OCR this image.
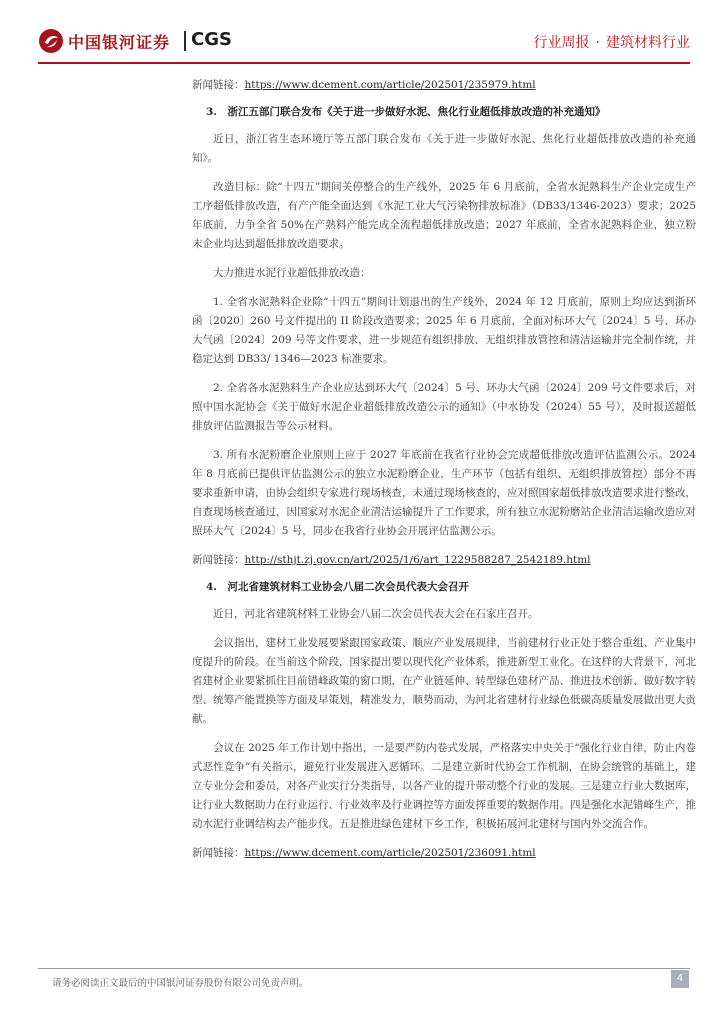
中国银河证券 CGS	行业周报 · 建筑材料行业

新闻链接：https://www.dcement.com/article/202501/235979.html

3.　浙江五部门联合发布《关于进一步做好水泥、焦化行业超低排放改造的补充通知》

近日，浙江省生态环境厅等五部门联合发布《关于进一步做好水泥、焦化行业超低排放改造的补充通知》。

改造目标：除“十四五”期间关停整合的生产线外，2025 年 6 月底前，全省水泥熟料生产企业完成生产工序超低排放改造，有产产能全面达到《水泥工业大气污染物排放标准》（DB33/1346-2023）要求；2025 年底前，力争全省 50%在产熟料产能完成全流程超低排放改造；2027 年底前，全省水泥熟料企业，独立粉末企业均达到超低排放改造要求。

大力推进水泥行业超低排放改造：

1. 全省水泥熟料企业除“十四五”期间计划退出的生产线外，2024 年 12 月底前，原则上均应达到浙环函〔2020〕260 号文件提出的 II 阶段改造要求；2025 年 6 月底前，全面对标环大气〔2024〕5 号、环办大气函〔2024〕209 号等文件要求，进一步规范有组织排放、无组织排放管控和清洁运输并完全制作统，并稳定达到 DB33/ 1346—2023 标准要求。

2. 全省各水泥熟料生产企业应达到环大气〔2024〕5 号、环办大气函〔2024〕209 号文件要求后，对照中国水泥协会《关于做好水泥企业超低排放改造公示的通知》（中水协发（2024）55 号），及时报送超低排放评估监测报告等公示材料。

3. 所有水泥粉磨企业原则上应于 2027 年底前在我省行业协会完成超低排放改造评估监测公示。2024 年 8 月底前已提供评估监测公示的独立水泥粉磨企业，生产环节（包括有组织、无组织排放管控）部分不再要求重新申请，由协会组织专家进行现场核查，未通过现场核查的，应对照国家超低排放改造要求进行整改，自查现场核查通过，因国家对水泥企业清洁运输提升了工作要求，所有独立水泥粉磨站企业清洁运输改造应对照环大气〔2024〕5 号，同步在我省行业协会开展评估监测公示。

新闻链接：http://sthjt.zj.gov.cn/art/2025/1/6/art_1229588287_2542189.html

4.　河北省建筑材料工业协会八届二次会员代表大会召开

近日，河北省建筑材料工业协会八届二次会员代表大会在石家庄召开。

会议指出，建材工业发展要紧跟国家政策、顺应产业发展规律，当前建材行业正处于整合重组、产业集中度提升的阶段。在当前这个阶段，国家提出要以现代化产业体系，推进新型工业化。在这样的大背景下，河北省建材企业要紧抓住目前错峰政策的窗口期，在产业链延伸、转型绿色建材产品、推进技术创新、做好数字转型、统筹产能置换等方面及早策划，精准发力，顺势而动，为河北省建材行业绿色低碳高质量发展做出更大贡献。

会议在 2025 年工作计划中指出，一是要严防内卷式发展，严格落实中央关于“强化行业自律，防止内卷式恶性竞争”有关指示，避免行业发展进入恶循环。二是建立新时代协会工作机制，在协会统管的基础上，建立专业分会和委员，对各产业实行分类指导，以各产业的提升带动整个行业的发展。三是建立行业大数据库，让行业大数据助力在行业运行、行业效率及行业调控等方面发挥重要的数据作用。四是强化水泥错峰生产，推动水泥行业调结构去产能步伐。五是推进绿色建材下乡工作，积极拓展河北建材与国内外交流合作。

新闻链接：https://www.dcement.com/article/202501/236091.html

请务必阅读正文最后的中国银河证券股份有限公司免责声明。	4
